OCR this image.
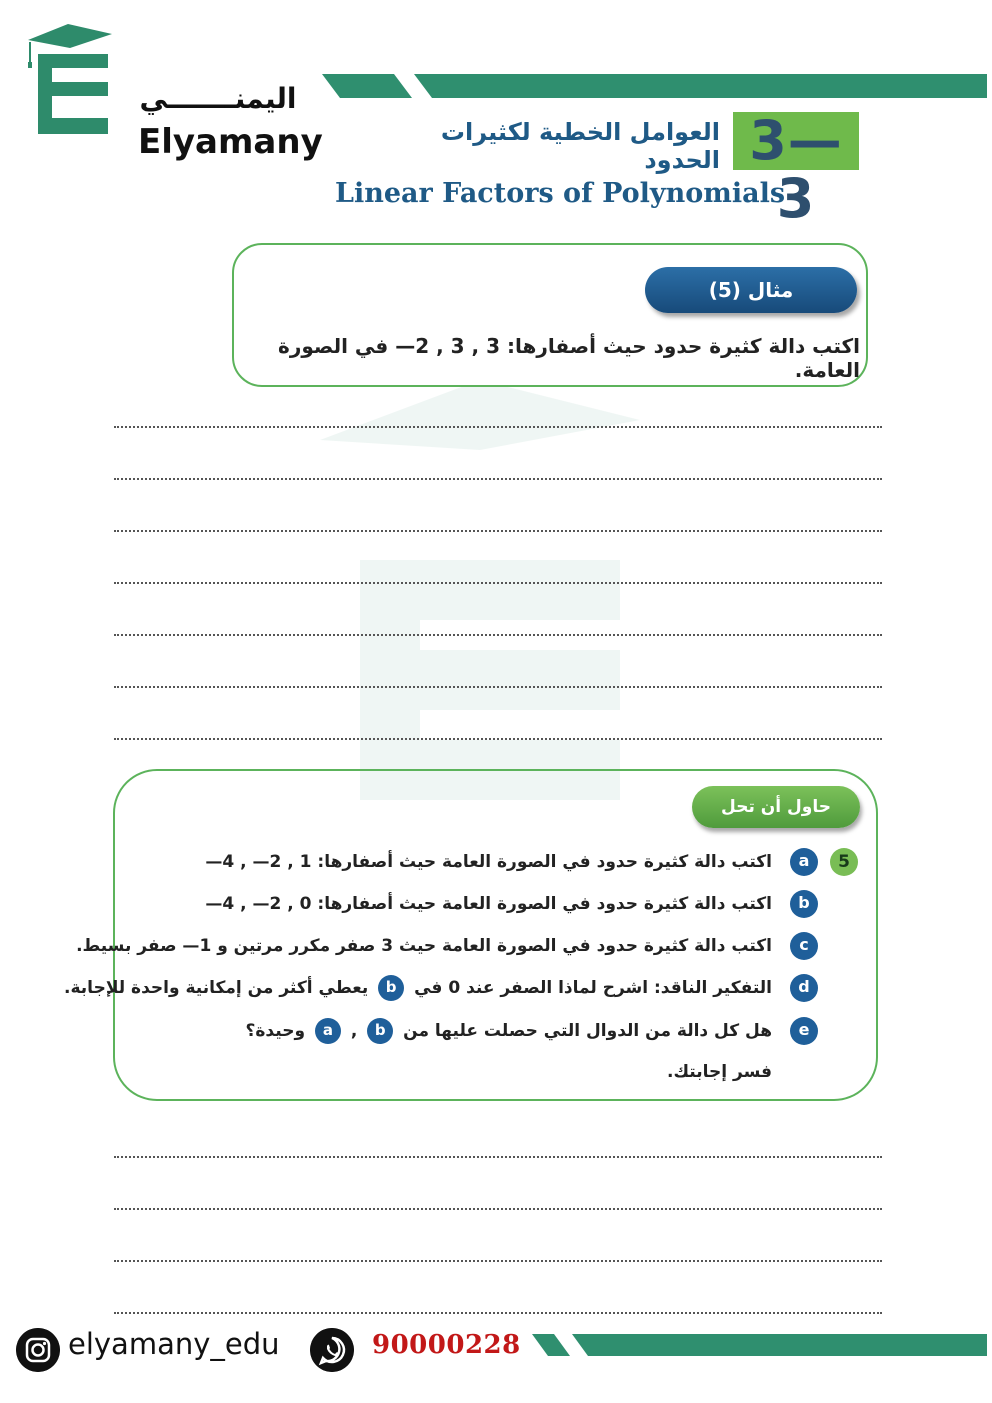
اليمنـــــــي
Elyamany	3—3
العوامل الخطية لكثيرات الحدود
Linear Factors of Polynomials
مثال (5)
اكتب دالة كثيرة حدود حيث أصفارها: 3 , 3 , 2— في الصورة العامة.
حاول أن تحل
5
a
اكتب دالة كثيرة حدود في الصورة العامة حيث أصفارها: 1 , 2— , 4—
b
اكتب دالة كثيرة حدود في الصورة العامة حيث أصفارها: 0 , 2— , 4—
c
اكتب دالة كثيرة حدود في الصورة العامة حيث 3 صفر مكرر مرتين و 1— صفر بسيط.
d
التفكير الناقد: اشرح لماذا الصفر عند 0 في b يعطي أكثر من إمكانية واحدة للإجابة.
e
هل كل دالة من الدوال التي حصلت عليها من b , a وحيدة؟
فسر إجابتك.
elyamany_edu	90000228
